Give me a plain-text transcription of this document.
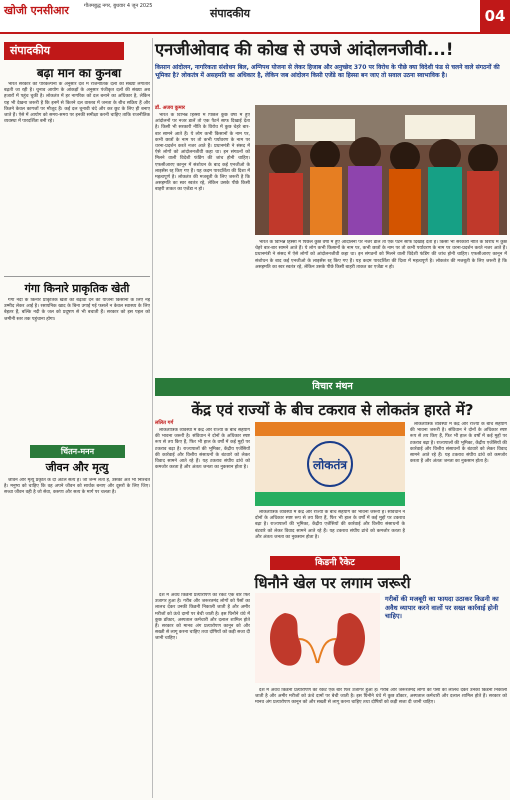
खोजी एनसीआर	गौतमबुद्ध नगर, बुधवार 4 जून 2025
संपादकीय	04
संपादकीय
बढ़ा मान का कुनबा

भारत सरकार की परिकल्पना के अनुसार देश में राजनीतिक दलों की संख्या लगातार बढ़ती जा रही है। चुनाव आयोग के आंकड़ों के अनुसार पंजीकृत दलों की संख्या अब हजारों में पहुंच चुकी है। लोकतंत्र में हर नागरिक को दल बनाने का अधिकार है, लेकिन यह भी देखना जरूरी है कि इनमें से कितने दल वास्तव में जनता के बीच सक्रिय हैं और कितने केवल कागजों पर मौजूद हैं। कई दल चुनावी चंदे और कर छूट के लिए ही बनाए जाते हैं। ऐसे में आयोग को समय-समय पर इनकी समीक्षा करनी चाहिए ताकि राजनीतिक व्यवस्था में पारदर्शिता बनी रहे।

गंगा किनारे प्राकृतिक खेती

गंगा नदी के किनारे प्राकृतिक खेती को बढ़ावा देने की योजना किसानों के लिए नई उम्मीद लेकर आई है। रसायनिक खाद के बिना उगाई गई फसलें न केवल स्वास्थ्य के लिए बेहतर हैं, बल्कि नदी के जल को प्रदूषण से भी बचाती हैं। सरकार को इस पहल को जमीनी स्तर तक पहुंचाना होगा।

चिंतन-मनन
जीवन और मृत्यु

जीवन और मृत्यु प्रकृति के दो अटल सत्य हैं। जो जन्म लेता है, उसका अंत भी निश्चित है। मनुष्य को चाहिए कि वह अपने जीवन को सार्थक बनाए और दूसरों के लिए जिए। सच्चा जीवन वही है जो सेवा, करुणा और सत्य के मार्ग पर चलता है।

एनजीओवाद की कोख से उपजे आंदोलनजीवी...!
किसान आंदोलन, नागरिकता संशोधन बिल, अग्निपथ योजना से लेकर हिजाब और अनुच्छेद 370 पर विरोध के पीछे क्या विदेशी फंड से चलने वाले संगठनों की भूमिका है? लोकतंत्र में असहमति का अधिकार है, लेकिन जब आंदोलन किसी एजेंडे का हिस्सा बन जाए तो सवाल उठना स्वाभाविक है।
डॉ. अजय कुमार

भारत के विभिन्न हिस्सों में पिछले कुछ वर्षों में हुए आंदोलनों पर नजर डालें तो एक पैटर्न साफ दिखाई देता है। किसी भी सरकारी नीति के विरोध में कुछ चेहरे बार-बार सामने आते हैं। ये लोग कभी किसानों के नाम पर, कभी छात्रों के नाम पर तो कभी पर्यावरण के नाम पर धरना-प्रदर्शन करते नजर आते हैं। प्रधानमंत्री ने संसद में ऐसे लोगों को आंदोलनजीवी कहा था। इन संगठनों को मिलने वाली विदेशी फंडिंग की जांच होनी चाहिए। एफसीआरए कानून में संशोधन के बाद कई एनजीओ के लाइसेंस रद्द किए गए हैं। यह कदम पारदर्शिता की दिशा में महत्वपूर्ण है। लोकतंत्र की मजबूती के लिए जरूरी है कि असहमति का स्वर स्वतंत्र रहे, लेकिन उसके पीछे किसी बाहरी ताकत का एजेंडा न हो।

भारत के विभिन्न हिस्सों में पिछले कुछ वर्षों में हुए आंदोलनों पर नजर डालें तो एक पैटर्न साफ दिखाई देता है। किसी भी सरकारी नीति के विरोध में कुछ चेहरे बार-बार सामने आते हैं। ये लोग कभी किसानों के नाम पर, कभी छात्रों के नाम पर तो कभी पर्यावरण के नाम पर धरना-प्रदर्शन करते नजर आते हैं। प्रधानमंत्री ने संसद में ऐसे लोगों को आंदोलनजीवी कहा था। इन संगठनों को मिलने वाली विदेशी फंडिंग की जांच होनी चाहिए। एफसीआरए कानून में संशोधन के बाद कई एनजीओ के लाइसेंस रद्द किए गए हैं। यह कदम पारदर्शिता की दिशा में महत्वपूर्ण है। लोकतंत्र की मजबूती के लिए जरूरी है कि असहमति का स्वर स्वतंत्र रहे, लेकिन उसके पीछे किसी बाहरी ताकत का एजेंडा न हो।

विचार मंथन
केंद्र एवं राज्यों के बीच टकराव से लोकतंत्र हारते में?
ललित गर्ग

लोकतांत्रिक व्यवस्था में केंद्र और राज्यों के बीच सहयोग की भावना जरूरी है। संविधान ने दोनों के अधिकार स्पष्ट रूप से तय किए हैं, फिर भी हाल के वर्षों में कई मुद्दों पर टकराव बढ़ा है। राज्यपालों की भूमिका, केंद्रीय एजेंसियों की कार्रवाई और वित्तीय संसाधनों के बंटवारे को लेकर विवाद सामने आते रहे हैं। यह टकराव संघीय ढांचे को कमजोर करता है और अंततः जनता का नुकसान होता है।	लोकतंत्र

लोकतांत्रिक व्यवस्था में केंद्र और राज्यों के बीच सहयोग की भावना जरूरी है। संविधान ने दोनों के अधिकार स्पष्ट रूप से तय किए हैं, फिर भी हाल के वर्षों में कई मुद्दों पर टकराव बढ़ा है। राज्यपालों की भूमिका, केंद्रीय एजेंसियों की कार्रवाई और वित्तीय संसाधनों के बंटवारे को लेकर विवाद सामने आते रहे हैं। यह टकराव संघीय ढांचे को कमजोर करता है और अंततः जनता का नुकसान होता है।

लोकतांत्रिक व्यवस्था में केंद्र और राज्यों के बीच सहयोग की भावना जरूरी है। संविधान ने दोनों के अधिकार स्पष्ट रूप से तय किए हैं, फिर भी हाल के वर्षों में कई मुद्दों पर टकराव बढ़ा है। राज्यपालों की भूमिका, केंद्रीय एजेंसियों की कार्रवाई और वित्तीय संसाधनों के बंटवारे को लेकर विवाद सामने आते रहे हैं। यह टकराव संघीय ढांचे को कमजोर करता है और अंततः जनता का नुकसान होता है।

किडनी रैकेट
धिनौने खेल पर लगाम जरूरी

देश में अवैध किडनी प्रत्यारोपण का रैकेट एक बार फिर उजागर हुआ है। गरीब और जरूरतमंद लोगों को पैसों का लालच देकर उनकी किडनी निकाली जाती है और अमीर मरीजों को ऊंचे दामों पर बेची जाती है। इस घिनौने धंधे में कुछ डॉक्टर, अस्पताल कर्मचारी और दलाल शामिल होते हैं। सरकार को मानव अंग प्रत्यारोपण कानून को और सख्ती से लागू करना चाहिए तथा दोषियों को कड़ी सजा दी जानी चाहिए।

गरीबों की मजबूरी का फायदा उठाकर किडनी का अवैध व्यापार करने वालों पर सख्त कार्रवाई होनी चाहिए।

देश में अवैध किडनी प्रत्यारोपण का रैकेट एक बार फिर उजागर हुआ है। गरीब और जरूरतमंद लोगों को पैसों का लालच देकर उनकी किडनी निकाली जाती है और अमीर मरीजों को ऊंचे दामों पर बेची जाती है। इस घिनौने धंधे में कुछ डॉक्टर, अस्पताल कर्मचारी और दलाल शामिल होते हैं। सरकार को मानव अंग प्रत्यारोपण कानून को और सख्ती से लागू करना चाहिए तथा दोषियों को कड़ी सजा दी जानी चाहिए।
